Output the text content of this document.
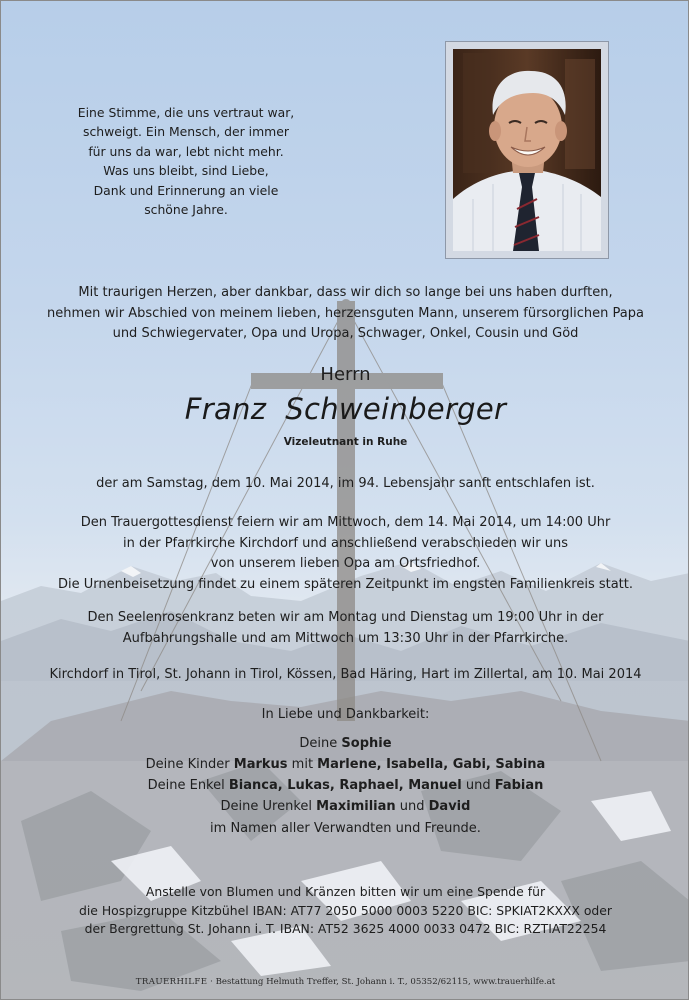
Eine Stimme, die uns vertraut war,
schweigt. Ein Mensch, der immer
für uns da war, lebt nicht mehr.
Was uns bleibt, sind Liebe,
Dank und Erinnerung an viele
schöne Jahre.
Mit traurigen Herzen, aber dankbar, dass wir dich so lange bei uns haben durften,
nehmen wir Abschied von meinem lieben, herzensguten Mann, unserem fürsorglichen Papa
und Schwiegervater, Opa und Uropa, Schwager, Onkel, Cousin und Göd
Herrn
Franz  Schweinberger
Vizeleutnant in Ruhe
der am Samstag, dem 10. Mai 2014, im 94. Lebensjahr sanft entschlafen ist.
Den Trauergottesdienst feiern wir am Mittwoch, dem 14. Mai 2014, um 14:00 Uhr
in der Pfarrkirche Kirchdorf und anschließend verabschieden wir uns
von unserem lieben Opa am Ortsfriedhof.
Die Urnenbeisetzung findet zu einem späteren Zeitpunkt im engsten Familienkreis statt.
Den Seelenrosenkranz beten wir am Montag und Dienstag um 19:00 Uhr in der
Aufbahrungshalle und am Mittwoch um 13:30 Uhr in der Pfarrkirche.
Kirchdorf in Tirol, St. Johann in Tirol, Kössen, Bad Häring, Hart im Zillertal, am 10. Mai 2014
In Liebe und Dankbarkeit:
Deine Sophie
Deine Kinder Markus mit Marlene, Isabella, Gabi, Sabina
Deine Enkel Bianca, Lukas, Raphael, Manuel und Fabian
Deine Urenkel Maximilian und David
im Namen aller Verwandten und Freunde.
Anstelle von Blumen und Kränzen bitten wir um eine Spende für
die Hospizgruppe Kitzbühel IBAN: AT77 2050 5000 0003 5220 BIC: SPKIAT2KXXX oder
der Bergrettung St. Johann i. T. IBAN: AT52 3625 4000 0033 0472 BIC: RZTIAT22254
TRAUERHILFE · Bestattung Helmuth Treffer, St. Johann i. T., 05352/62115, www.trauerhilfe.at
